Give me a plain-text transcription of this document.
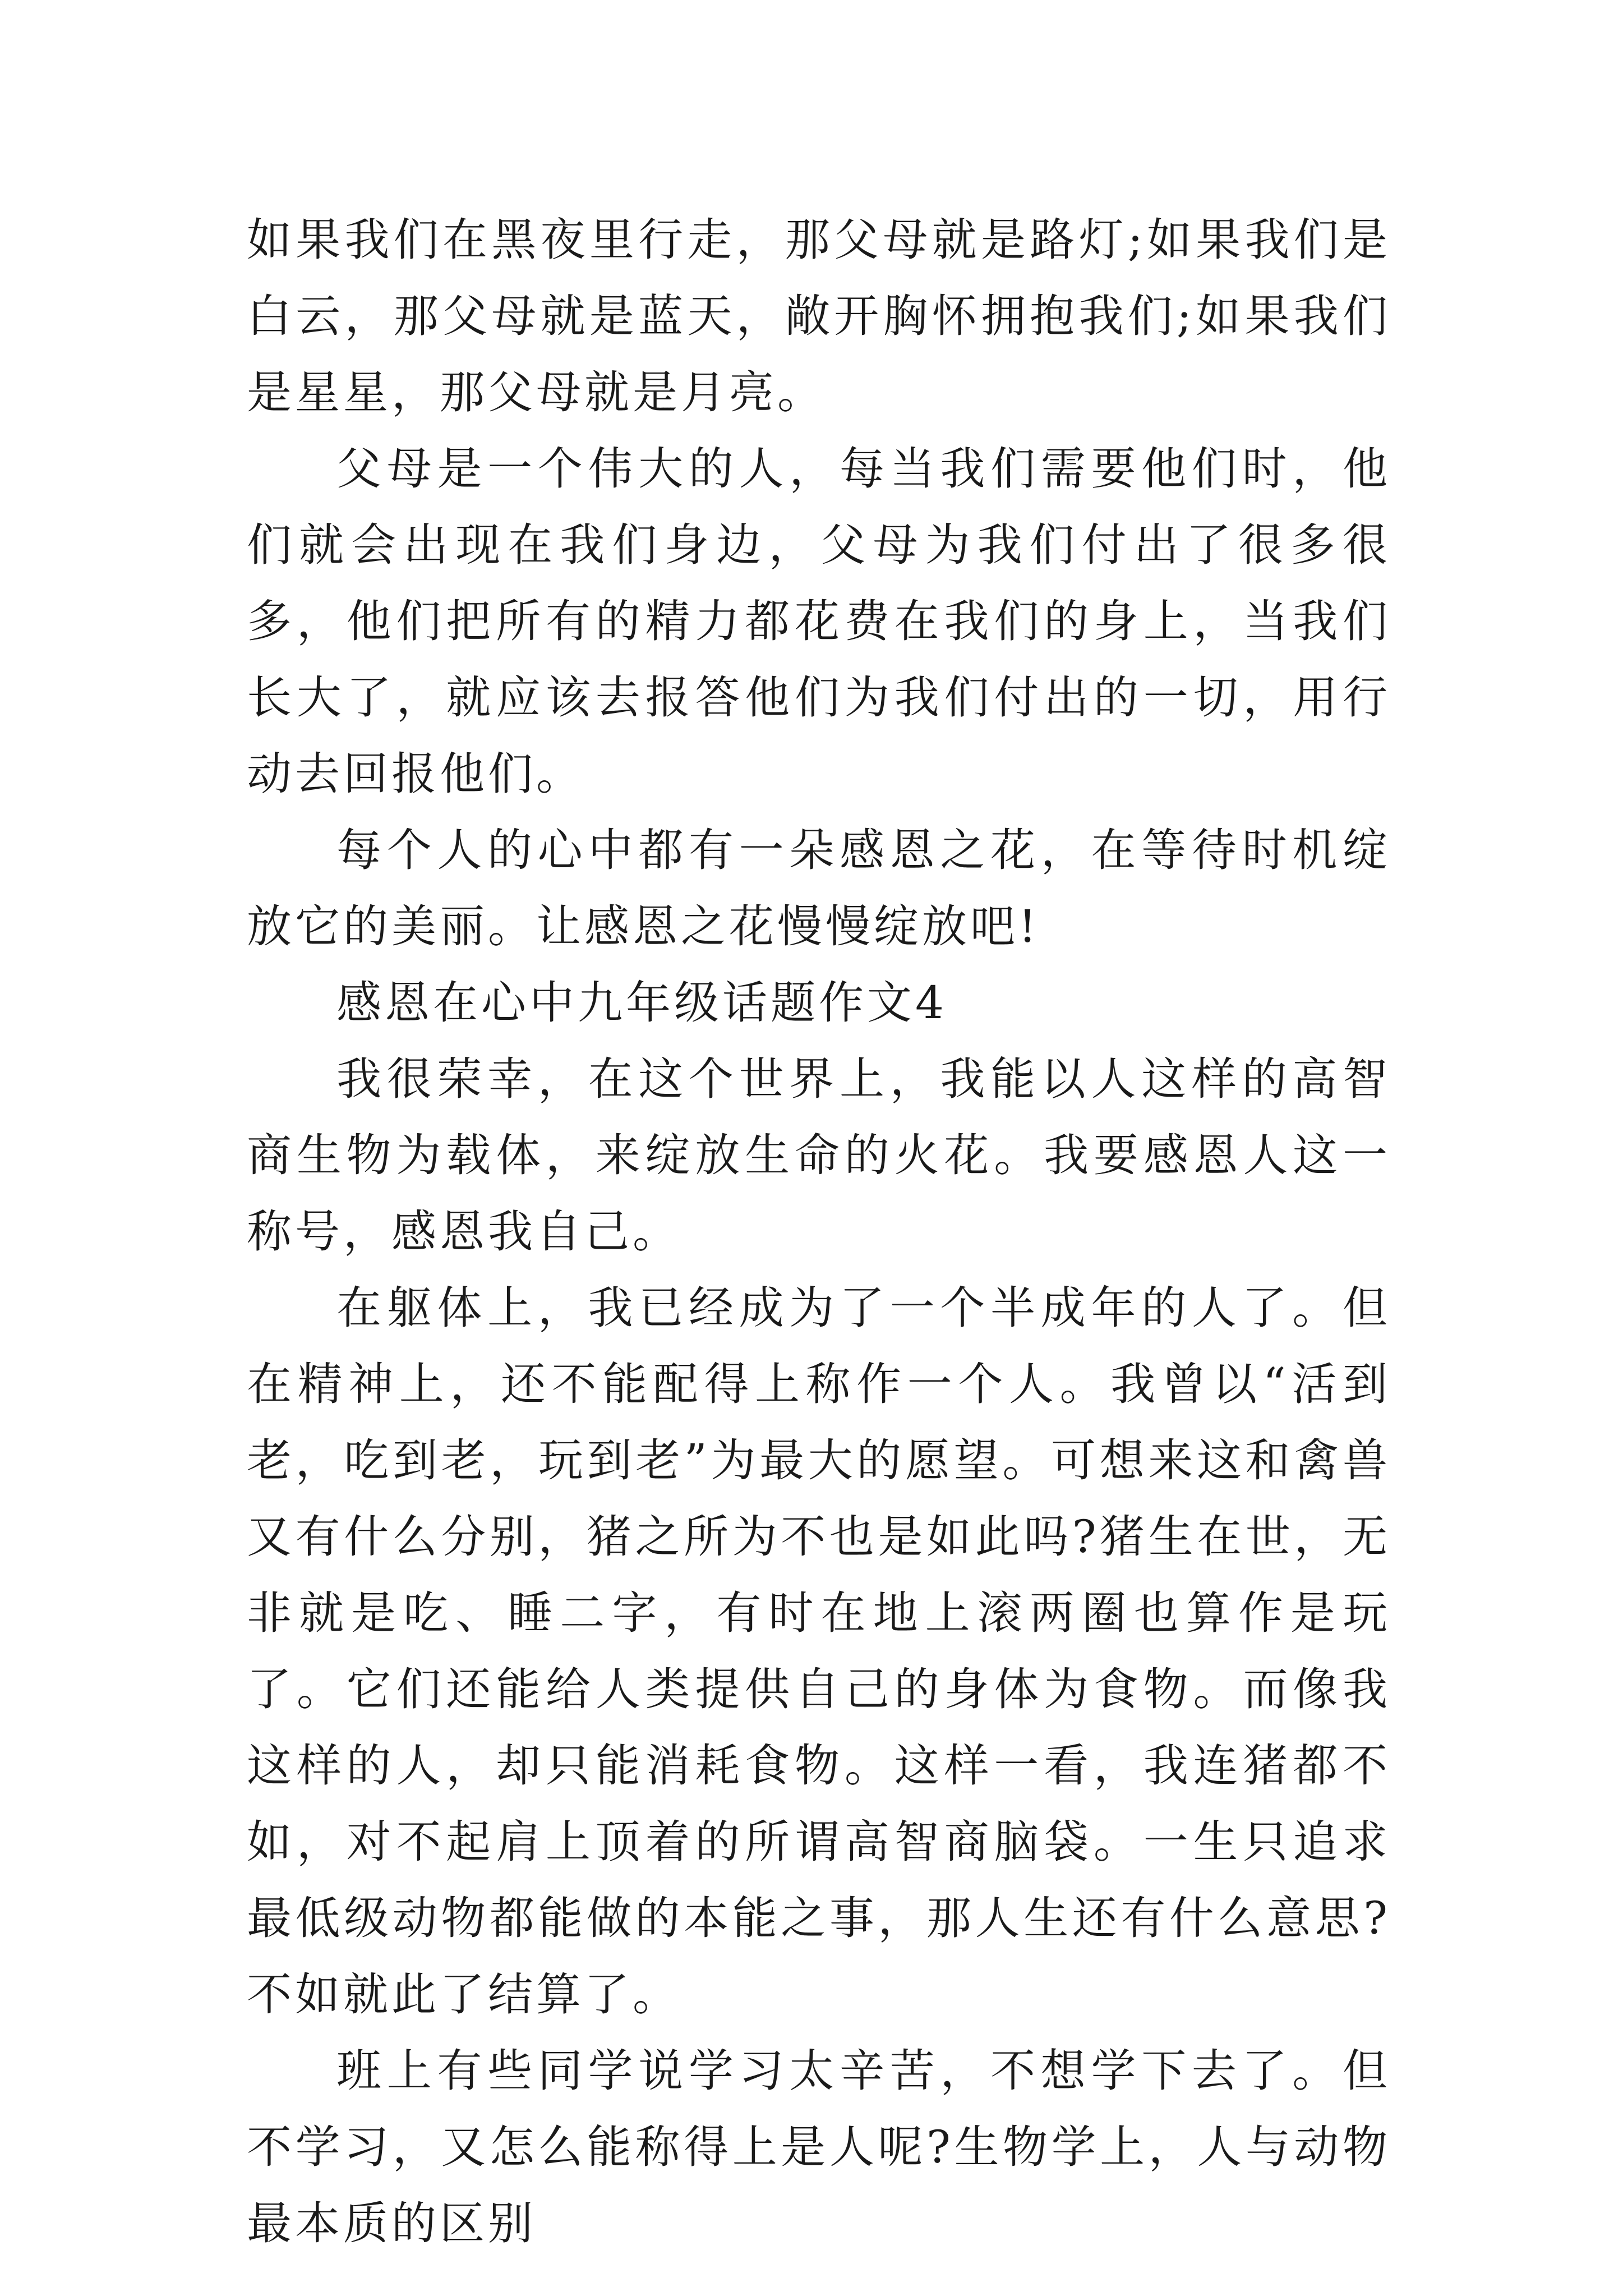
如果我们在黑夜里行走，那父母就是路灯;如果我们是白云，那父母就是蓝天，敞开胸怀拥抱我们;如果我们是星星，那父母就是月亮。

父母是一个伟大的人，每当我们需要他们时，他们就会出现在我们身边，父母为我们付出了很多很多，他们把所有的精力都花费在我们的身上，当我们长大了，就应该去报答他们为我们付出的一切，用行动去回报他们。

每个人的心中都有一朵感恩之花，在等待时机绽放它的美丽。让感恩之花慢慢绽放吧!

感恩在心中九年级话题作文4

我很荣幸，在这个世界上，我能以人这样的高智商生物为载体，来绽放生命的火花。我要感恩人这一称号，感恩我自己。

在躯体上，我已经成为了一个半成年的人了。但在精神上，还不能配得上称作一个人。我曾以“活到老，吃到老，玩到老”为最大的愿望。可想来这和禽兽又有什么分别，猪之所为不也是如此吗?猪生在世，无非就是吃、睡二字，有时在地上滚两圈也算作是玩了。它们还能给人类提供自己的身体为食物。而像我这样的人，却只能消耗食物。这样一看，我连猪都不如，对不起肩上顶着的所谓高智商脑袋。一生只追求最低级动物都能做的本能之事，那人生还有什么意思?不如就此了结算了。

班上有些同学说学习太辛苦，不想学下去了。但不学习，又怎么能称得上是人呢?生物学上，人与动物最本质的区别
